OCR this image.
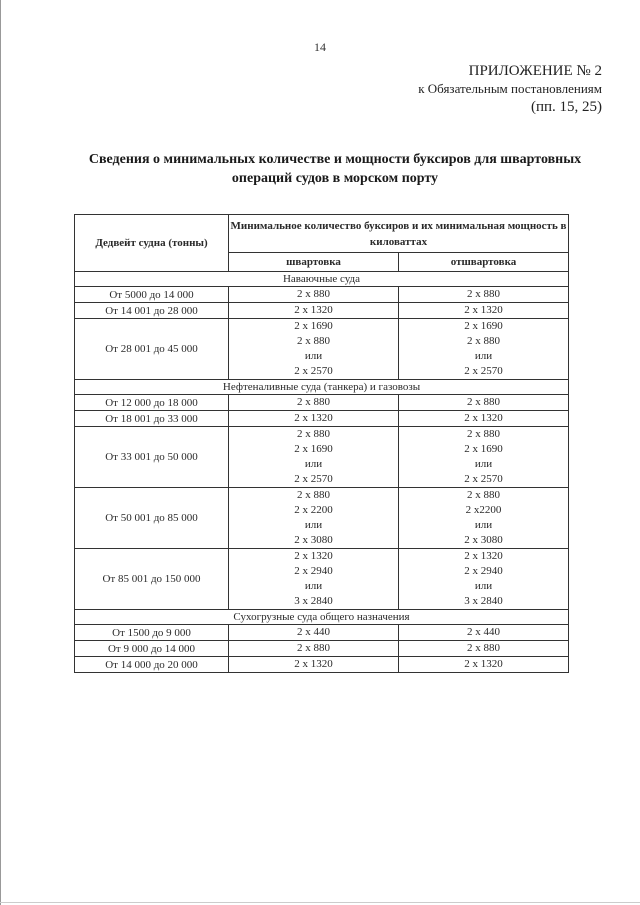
14
ПРИЛОЖЕНИЕ № 2
к Обязательным постановлениям
(пп. 15, 25)
Сведения о минимальных количестве и мощности буксиров для швартовных
операций судов в морском порту
Дедвейт судна (тонны)	Минимальное количество буксиров и их минимальная мощность в киловаттах	
	швартовка	отшвартовка
Наваючные суда		
От 5000 до 14 000	2 х 880	2 х 880

От 14 001 до 28 000	2 х 1320	2 х 1320

От 28 001 до 45 000	2 х 1690
2 х 880
или
2 х 2570	2 х 1690
2 х 880
или
2 х 2570

Нефтеналивные суда (танкера) и газовозы		
От 12 000 до 18 000	2 х 880	2 х 880

От 18 001 до 33 000	2 х 1320	2 х 1320

От 33 001 до 50 000	2 х 880
2 х 1690
или
2 х 2570	2 х 880
2 х 1690
или
2 х 2570

От 50 001 до 85 000	2 х 880
2 х 2200
или
2 х 3080	2 х 880
2 х2200
или
2 х 3080

От 85 001 до 150 000	2 х 1320
2 х 2940
или
3 х 2840	2 х 1320
2 х 2940
или
3 х 2840

Сухогрузные суда общего назначения		
От 1500 до 9 000	2 х 440	2 х 440

От 9 000 до 14 000	2 х 880	2 х 880

От 14 000 до 20 000	2 х 1320	2 х 1320
